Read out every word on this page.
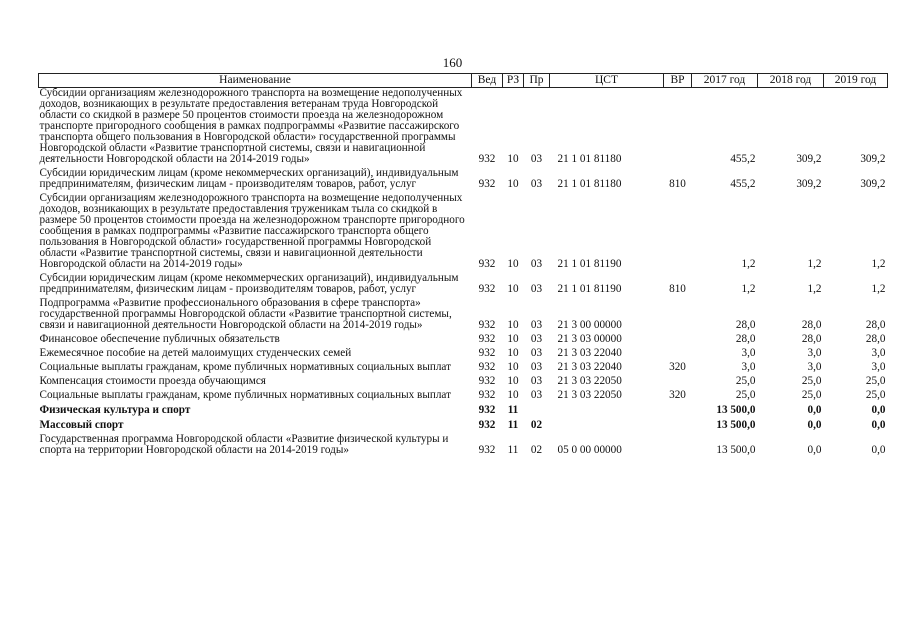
160
Наименование	Вед	РЗ	Пр	ЦСТ	ВР	2017 год	2018 год	2019 год
Субсидии организациям железнодорожного транспорта на возмещение недополученных доходов, возникающих в результате предоставления ветеранам труда Новгородской области со скидкой в размере 50 процентов стоимости проезда на железнодорожном транспорте пригородного сообщения в рамках подпрограммы «Развитие пассажирского транспорта общего пользования в Новгородской области» государственной программы Новгородской области «Развитие транспортной системы, связи и навигационной деятельности Новгородской области на 2014-2019 годы»	932	10	03	21 1 01 81180		455,2	309,2	309,2
Субсидии юридическим лицам (кроме некоммерческих организаций), индивидуальным предпринимателям, физическим лицам - производителям товаров, работ, услуг	932	10	03	21 1 01 81180	810	455,2	309,2	309,2
Субсидии организациям железнодорожного транспорта на возмещение недополученных доходов, возникающих в результате предоставления труженикам тыла со скидкой в размере 50 процентов стоимости проезда на железнодорожном транспорте пригородного сообщения в рамках подпрограммы «Развитие пассажирского транспорта общего пользования в Новгородской области» государственной программы Новгородской области «Развитие транспортной системы, связи и навигационной деятельности Новгородской области на 2014-2019 годы»	932	10	03	21 1 01 81190		1,2	1,2	1,2
Субсидии юридическим лицам (кроме некоммерческих организаций), индивидуальным предпринимателям, физическим лицам - производителям товаров, работ, услуг	932	10	03	21 1 01 81190	810	1,2	1,2	1,2
Подпрограмма «Развитие профессионального образования в сфере транспорта» государственной программы Новгородской области «Развитие транспортной системы, связи и навигационной деятельности Новгородской области на 2014-2019 годы»	932	10	03	21 3 00 00000		28,0	28,0	28,0
Финансовое обеспечение публичных обязательств	932	10	03	21 3 03 00000		28,0	28,0	28,0
Ежемесячное пособие на детей малоимущих студенческих семей	932	10	03	21 3 03 22040		3,0	3,0	3,0
Социальные выплаты гражданам, кроме публичных нормативных социальных выплат	932	10	03	21 3 03 22040	320	3,0	3,0	3,0
Компенсация стоимости проезда обучающимся	932	10	03	21 3 03 22050		25,0	25,0	25,0
Социальные выплаты гражданам, кроме публичных нормативных социальных выплат	932	10	03	21 3 03 22050	320	25,0	25,0	25,0
Физическая культура и спорт	932	11				13 500,0	0,0	0,0
Массовый спорт	932	11	02			13 500,0	0,0	0,0
Государственная программа Новгородской области «Развитие физической культуры и спорта на территории Новгородской области на 2014-2019 годы»	932	11	02	05 0 00 00000		13 500,0	0,0	0,0
